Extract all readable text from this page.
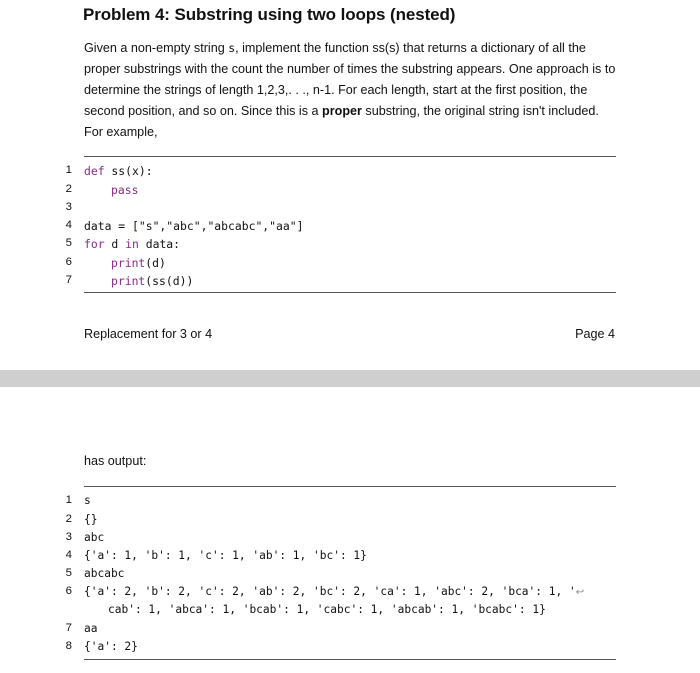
Problem 4: Substring using two loops (nested)
Given a non-empty string s, implement the function ss(s) that returns a dictionary of all the proper substrings with the count the number of times the substring appears. One approach is to determine the strings of length 1,2,3,. . ., n-1. For each length, start at the first position, the second position, and so on. Since this is a proper substring, the original string isn't included. For example,
1
2
3
4
5
6
7
def ss(x):
pass
data = ["s","abc","abcabc","aa"]
for d in data:
print(d)
print(ss(d))
Replacement for 3 or 4	Page 4
has output:
1
2
3
4
5
6
7
8
s
{}
abc
{'a': 1, 'b': 1, 'c': 1, 'ab': 1, 'bc': 1}
abcabc
{'a': 2, 'b': 2, 'c': 2, 'ab': 2, 'bc': 2, 'ca': 1, 'abc': 2, 'bca': 1, '↩
cab': 1, 'abca': 1, 'bcab': 1, 'cabc': 1, 'abcab': 1, 'bcabc': 1}
aa
{'a': 2}
